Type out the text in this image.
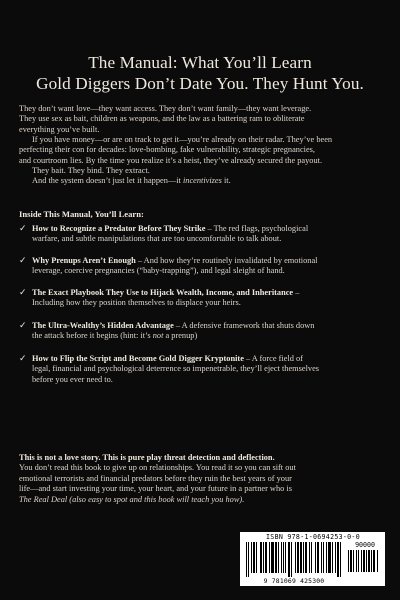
The Manual: What You’ll Learn
Gold Diggers Don’t Date You. They Hunt You.
They don’t want love—they want access. They don’t want family—they want leverage.
They use sex as bait, children as weapons, and the law as a battering ram to obliterate
everything you’ve built.
If you have money—or are on track to get it—you’re already on their radar. They’ve been
perfecting their con for decades: love-bombing, fake vulnerability, strategic pregnancies,
and courtroom lies. By the time you realize it’s a heist, they’ve already secured the payout.
They bait. They bind. They extract.
And the system doesn’t just let it happen—it incentivizes it.
Inside This Manual, You’ll Learn:
✓ How to Recognize a Predator Before They Strike – The red flags, psychological
warfare, and subtle manipulations that are too uncomfortable to talk about.
✓ Why Prenups Aren’t Enough – And how they’re routinely invalidated by emotional
leverage, coercive pregnancies (“baby-trapping”), and legal sleight of hand.
✓ The Exact Playbook They Use to Hijack Wealth, Income, and Inheritance –
Including how they position themselves to displace your heirs.
✓ The Ultra-Wealthy’s Hidden Advantage – A defensive framework that shuts down
the attack before it begins (hint: it’s not a prenup)
✓ How to Flip the Script and Become Gold Digger Kryptonite – A force field of
legal, financial and psychological deterrence so impenetrable, they’ll eject themselves
before you ever need to.
This is not a love story. This is pure play threat detection and deflection.
You don’t read this book to give up on relationships. You read it so you can sift out
emotional terrorists and financial predators before they ruin the best years of your
life—and start investing your time, your heart, and your future in a partner who is
The Real Deal (also easy to spot and this book will teach you how).
ISBN 978-1-0694253-0-0
90000
9 781069 425300
